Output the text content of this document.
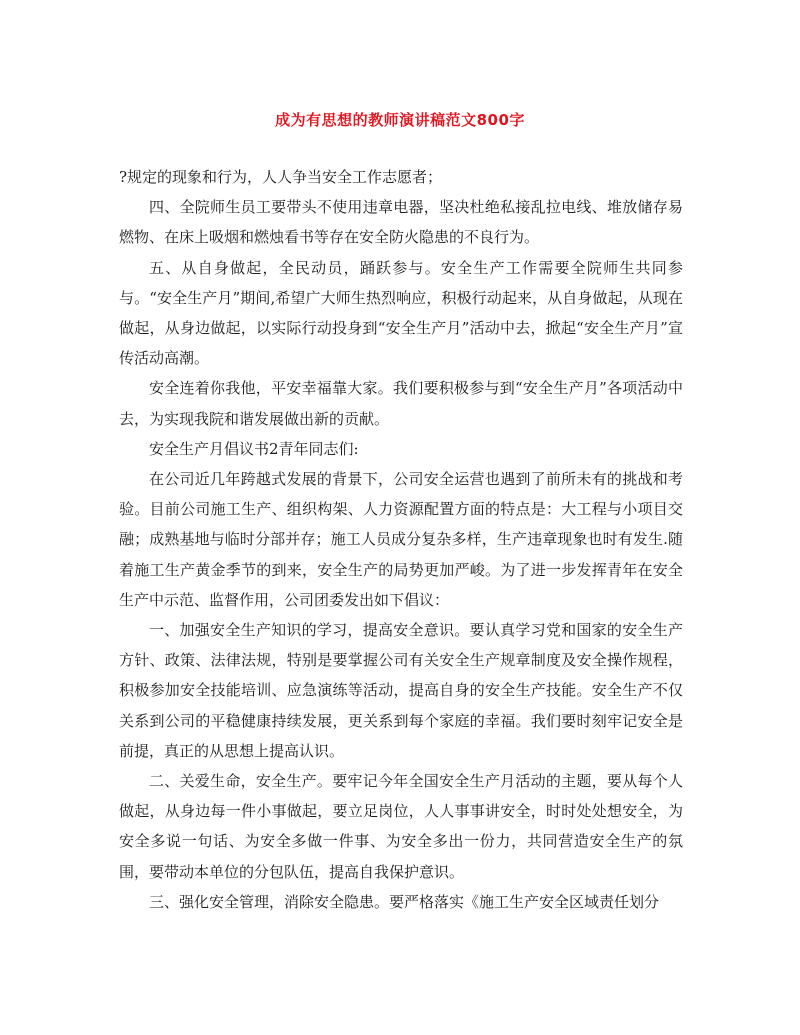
成为有思想的教师演讲稿范文800字

?规定的现象和行为，人人争当安全工作志愿者；

四、全院师生员工要带头不使用违章电器，坚决杜绝私接乱拉电线、堆放储存易燃物、在床上吸烟和燃烛看书等存在安全防火隐患的不良行为。

五、从自身做起，全民动员，踊跃参与。安全生产工作需要全院师生共同参与。“安全生产月”期间,希望广大师生热烈响应，积极行动起来，从自身做起，从现在做起，从身边做起，以实际行动投身到“安全生产月”活动中去，掀起“安全生产月”宣传活动高潮。

安全连着你我他，平安幸福靠大家。我们要积极参与到“安全生产月”各项活动中去，为实现我院和谐发展做出新的贡献。

安全生产月倡议书2青年同志们:

在公司近几年跨越式发展的背景下，公司安全运营也遇到了前所未有的挑战和考验。目前公司施工生产、组织构架、人力资源配置方面的特点是：大工程与小项目交融；成熟基地与临时分部并存；施工人员成分复杂多样，生产违章现象也时有发生.随着施工生产黄金季节的到来，安全生产的局势更加严峻。为了进一步发挥青年在安全生产中示范、监督作用，公司团委发出如下倡议：

一、加强安全生产知识的学习，提高安全意识。要认真学习党和国家的安全生产方针、政策、法律法规，特别是要掌握公司有关安全生产规章制度及安全操作规程，积极参加安全技能培训、应急演练等活动，提高自身的安全生产技能。安全生产不仅关系到公司的平稳健康持续发展，更关系到每个家庭的幸福。我们要时刻牢记安全是前提，真正的从思想上提高认识。

二、关爱生命，安全生产。要牢记今年全国安全生产月活动的主题，要从每个人做起，从身边每一件小事做起，要立足岗位，人人事事讲安全，时时处处想安全，为安全多说一句话、为安全多做一件事、为安全多出一份力，共同营造安全生产的氛围，要带动本单位的分包队伍，提高自我保护意识。

三、强化安全管理，消除安全隐患。要严格落实《施工生产安全区域责任划分
